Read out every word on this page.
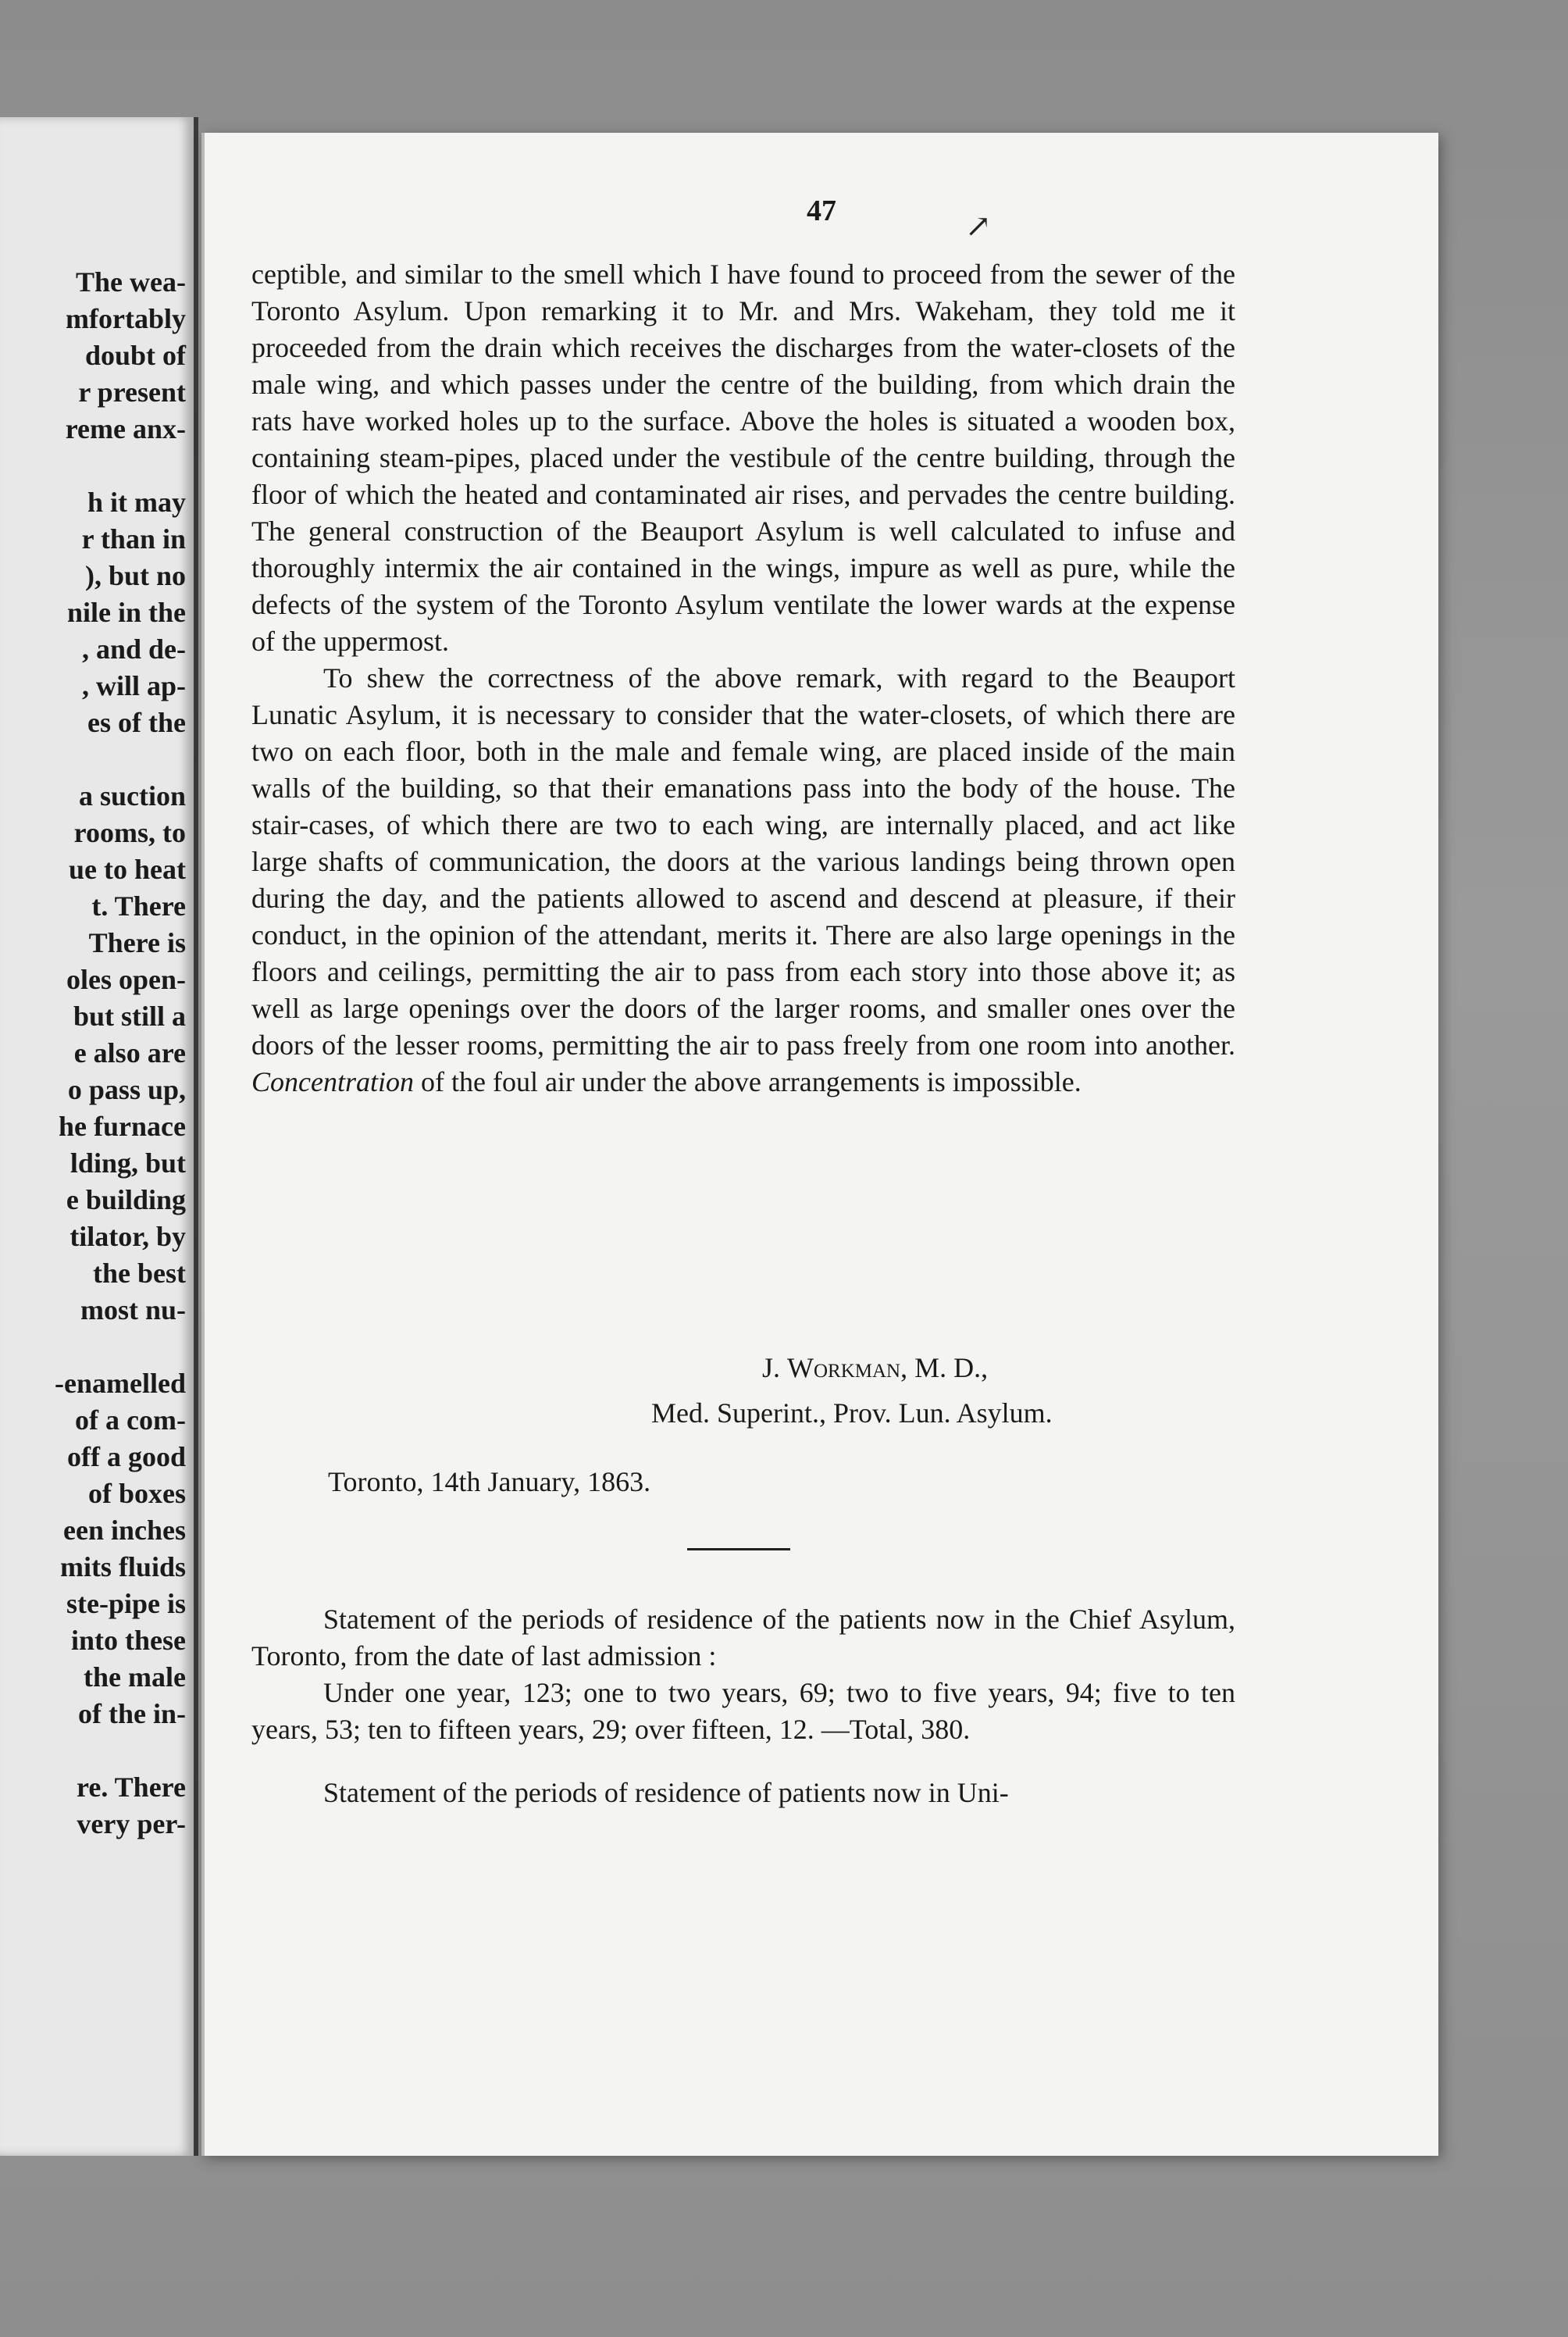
The wea-
mfortably
doubt of
r present
reme anx-
h it may
r than in
), but no
nile in the
, and de-
, will ap-
es of the
a suction
rooms, to
ue to heat
t. There
There is
oles open-
but still a
e also are
o pass up,
he furnace
lding, but
e building
tilator, by
the best
most nu-
-enamelled
of a com-
off a good
of boxes
een inches
mits fluids
ste-pipe is
into these
the male
of the in-
re. There
very per-
↗
47

ceptible, and similar to the smell which I have found to proceed from the sewer of the Toronto Asylum. Upon remarking it to Mr. and Mrs. Wakeham, they told me it proceeded from the drain which receives the discharges from the water-closets of the male wing, and which passes under the centre of the building, from which drain the rats have worked holes up to the surface. Above the holes is situated a wooden box, containing steam-pipes, placed under the vestibule of the centre building, through the floor of which the heated and contaminated air rises, and pervades the centre building. The general construction of the Beauport Asylum is well calculated to infuse and thoroughly intermix the air contained in the wings, impure as well as pure, while the defects of the system of the Toronto Asylum ventilate the lower wards at the expense of the uppermost.

To shew the correctness of the above remark, with regard to the Beauport Lunatic Asylum, it is necessary to consider that the water-closets, of which there are two on each floor, both in the male and female wing, are placed inside of the main walls of the building, so that their emanations pass into the body of the house. The stair-cases, of which there are two to each wing, are internally placed, and act like large shafts of communication, the doors at the various landings being thrown open during the day, and the patients allowed to ascend and descend at pleasure, if their conduct, in the opinion of the attendant, merits it. There are also large openings in the floors and ceilings, permitting the air to pass from each story into those above it; as well as large openings over the doors of the larger rooms, and smaller ones over the doors of the lesser rooms, permitting the air to pass freely from one room into another. Concentration of the foul air under the above arrangements is impossible.

J. Workman, M. D.,
Med. Superint., Prov. Lun. Asylum.
Toronto, 14th January, 1863.

Statement of the periods of residence of the patients now in the Chief Asylum, Toronto, from the date of last admission :

Under one year, 123; one to two years, 69; two to five years, 94; five to ten years, 53; ten to fifteen years, 29; over fifteen, 12. —Total, 380.

Statement of the periods of residence of patients now in Uni-
